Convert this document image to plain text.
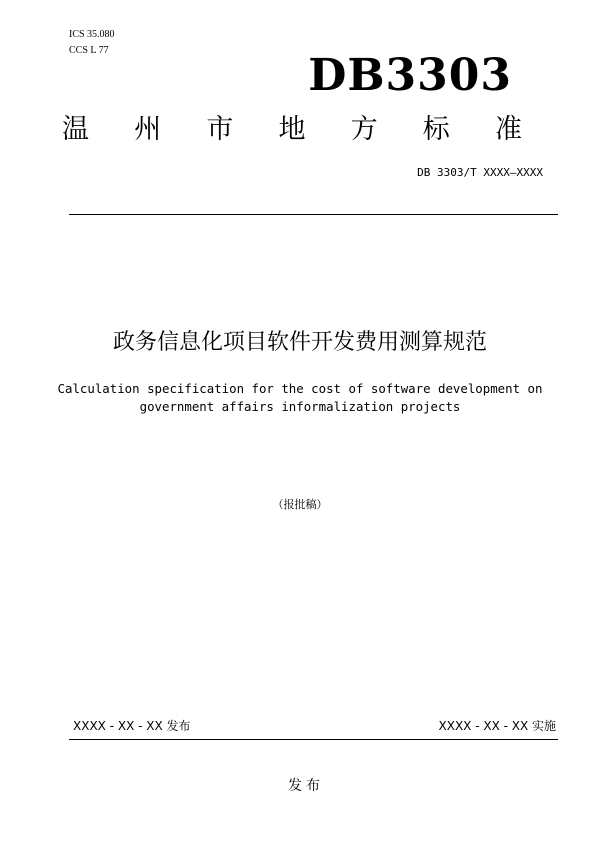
ICS 35.080
CCS L 77	DB3303
温 州 市 地 方 标 准
DB 3303/T XXXX—XXXX
政务信息化项目软件开发费用测算规范
Calculation specification for the cost of software development on
government affairs informalization projects
（报批稿）
XXXX - XX - XX 发布	XXXX - XX - XX 实施
发布
